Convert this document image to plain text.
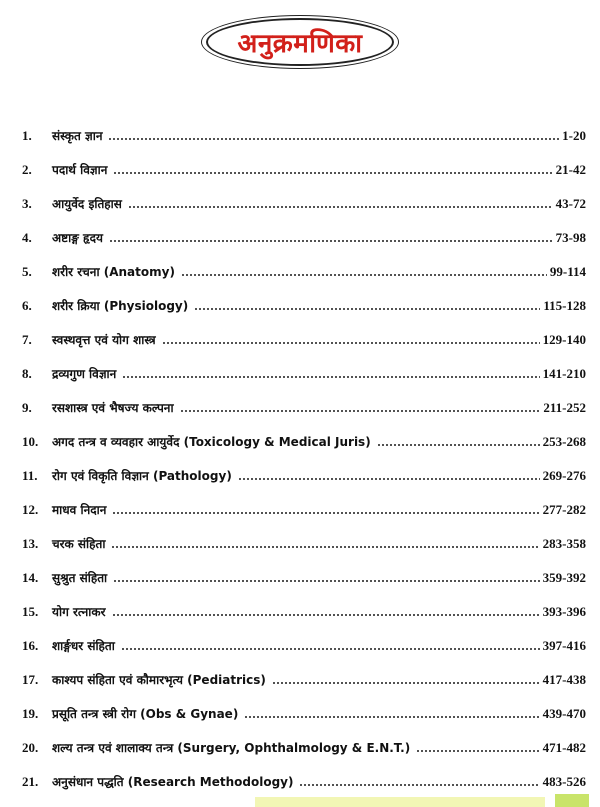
अनुक्रमणिका
1.	संस्कृत ज्ञान	1-20
2.	पदार्थ विज्ञान	21-42
3.	आयुर्वेद इतिहास	43-72
4.	अष्टाङ्ग हृदय	73-98
5.	शरीर रचना (Anatomy)	99-114
6.	शरीर क्रिया (Physiology)	115-128
7.	स्वस्थवृत्त एवं योग शास्त्र	129-140
8.	द्रव्यगुण विज्ञान	141-210
9.	रसशास्त्र एवं भैषज्य कल्पना	211-252
10.	अगद तन्त्र व व्यवहार आयुर्वेद (Toxicology & Medical Juris)	253-268
11.	रोग एवं विकृति विज्ञान (Pathology)	269-276
12.	माधव निदान	277-282
13.	चरक संहिता	283-358
14.	सुश्रुत संहिता	359-392
15.	योग रत्नाकर	393-396
16.	शार्ङ्गधर संहिता	397-416
17.	काश्यप संहिता एवं कौमारभृत्य (Pediatrics)	417-438
19.	प्रसूति तन्त्र स्त्री रोग (Obs & Gynae)	439-470
20.	शल्य तन्त्र एवं शालाक्य तन्त्र (Surgery, Ophthalmology & E.N.T.)	471-482
21.	अनुसंधान पद्धति (Research Methodology)	483-526
